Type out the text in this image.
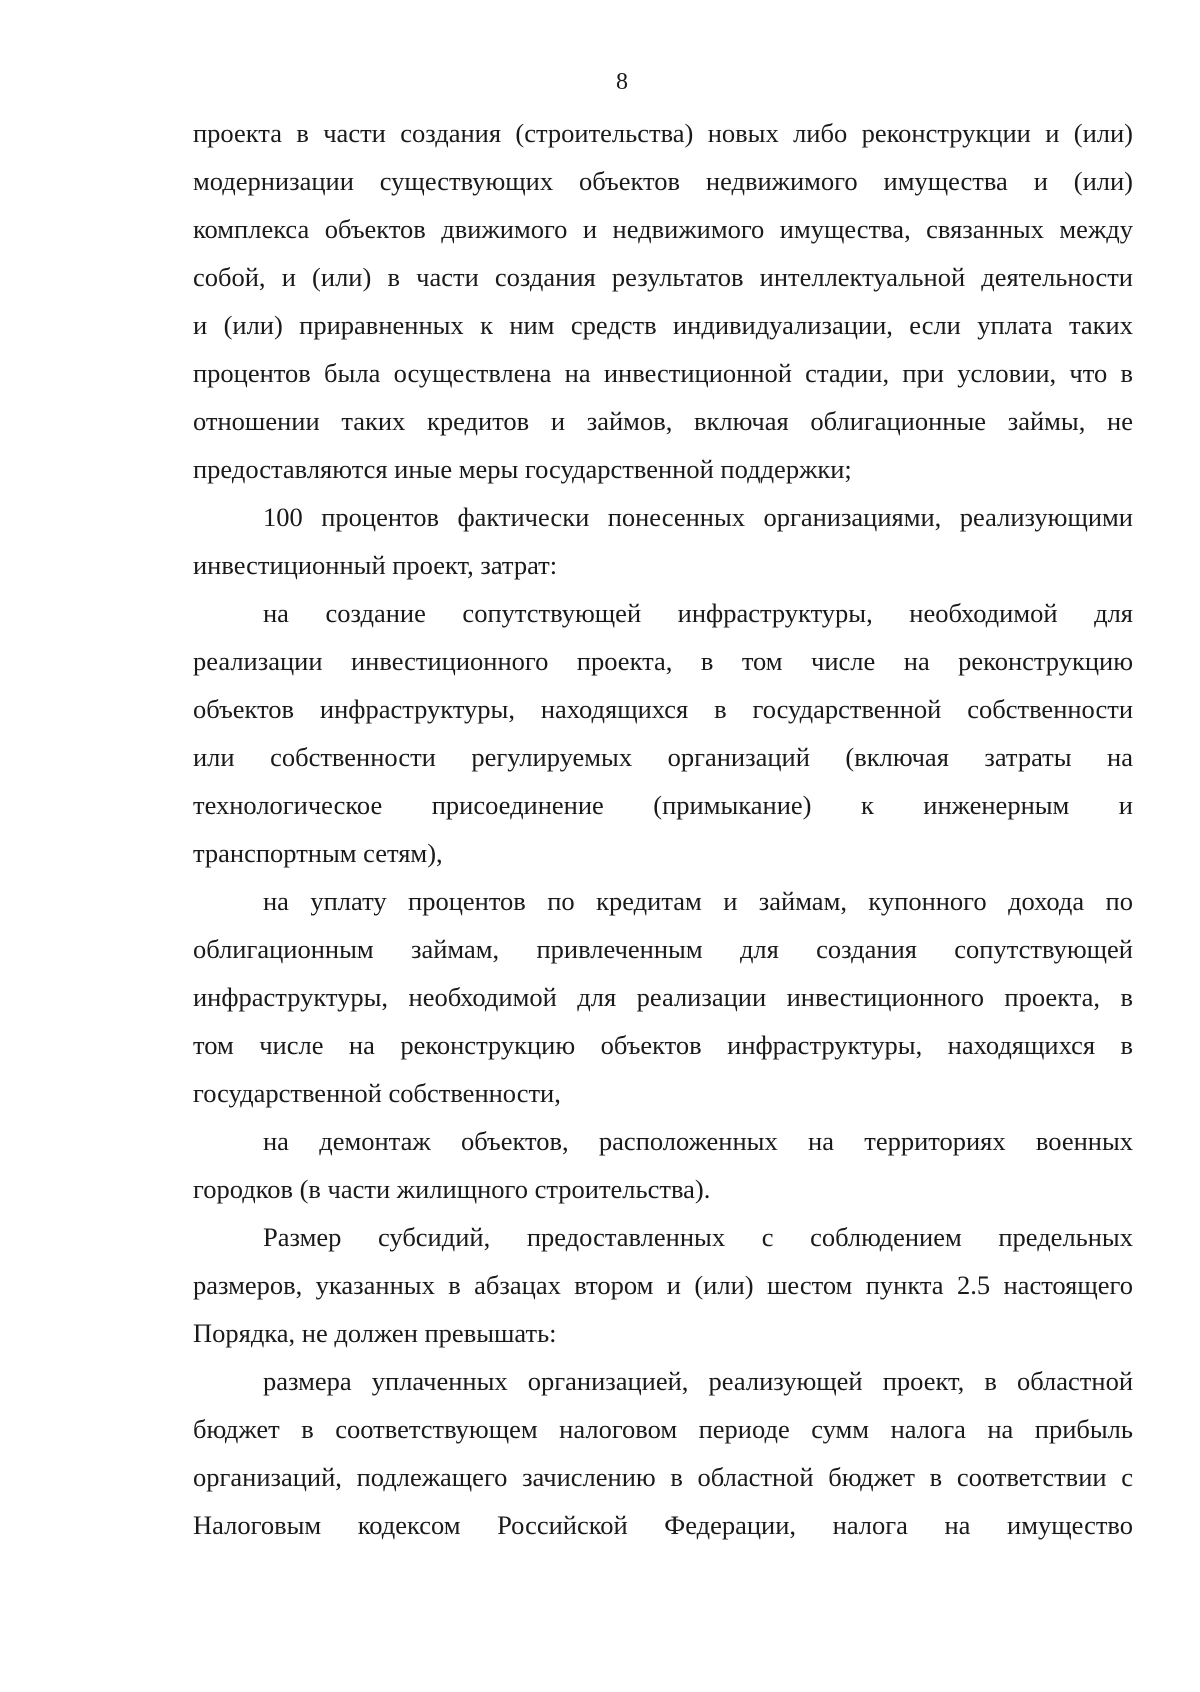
8
проекта в части создания (строительства) новых либо реконструкции и (или)
модернизации существующих объектов недвижимого имущества и (или)
комплекса объектов движимого и недвижимого имущества, связанных между
собой, и (или) в части создания результатов интеллектуальной деятельности
и (или) приравненных к ним средств индивидуализации, если уплата таких
процентов была осуществлена на инвестиционной стадии, при условии, что в
отношении таких кредитов и займов, включая облигационные займы, не
предоставляются иные меры государственной поддержки;
100 процентов фактически понесенных организациями, реализующими
инвестиционный проект, затрат:
на создание сопутствующей инфраструктуры, необходимой для
реализации инвестиционного проекта, в том числе на реконструкцию
объектов инфраструктуры, находящихся в государственной собственности
или собственности регулируемых организаций (включая затраты на
технологическое присоединение (примыкание) к инженерным и
транспортным сетям),
на уплату процентов по кредитам и займам, купонного дохода по
облигационным займам, привлеченным для создания сопутствующей
инфраструктуры, необходимой для реализации инвестиционного проекта, в
том числе на реконструкцию объектов инфраструктуры, находящихся в
государственной собственности,
на демонтаж объектов, расположенных на территориях военных
городков (в части жилищного строительства).
Размер субсидий, предоставленных с соблюдением предельных
размеров, указанных в абзацах втором и (или) шестом пункта 2.5 настоящего
Порядка, не должен превышать:
размера уплаченных организацией, реализующей проект, в областной
бюджет в соответствующем налоговом периоде сумм налога на прибыль
организаций, подлежащего зачислению в областной бюджет в соответствии с
Налоговым кодексом Российской Федерации, налога на имущество
